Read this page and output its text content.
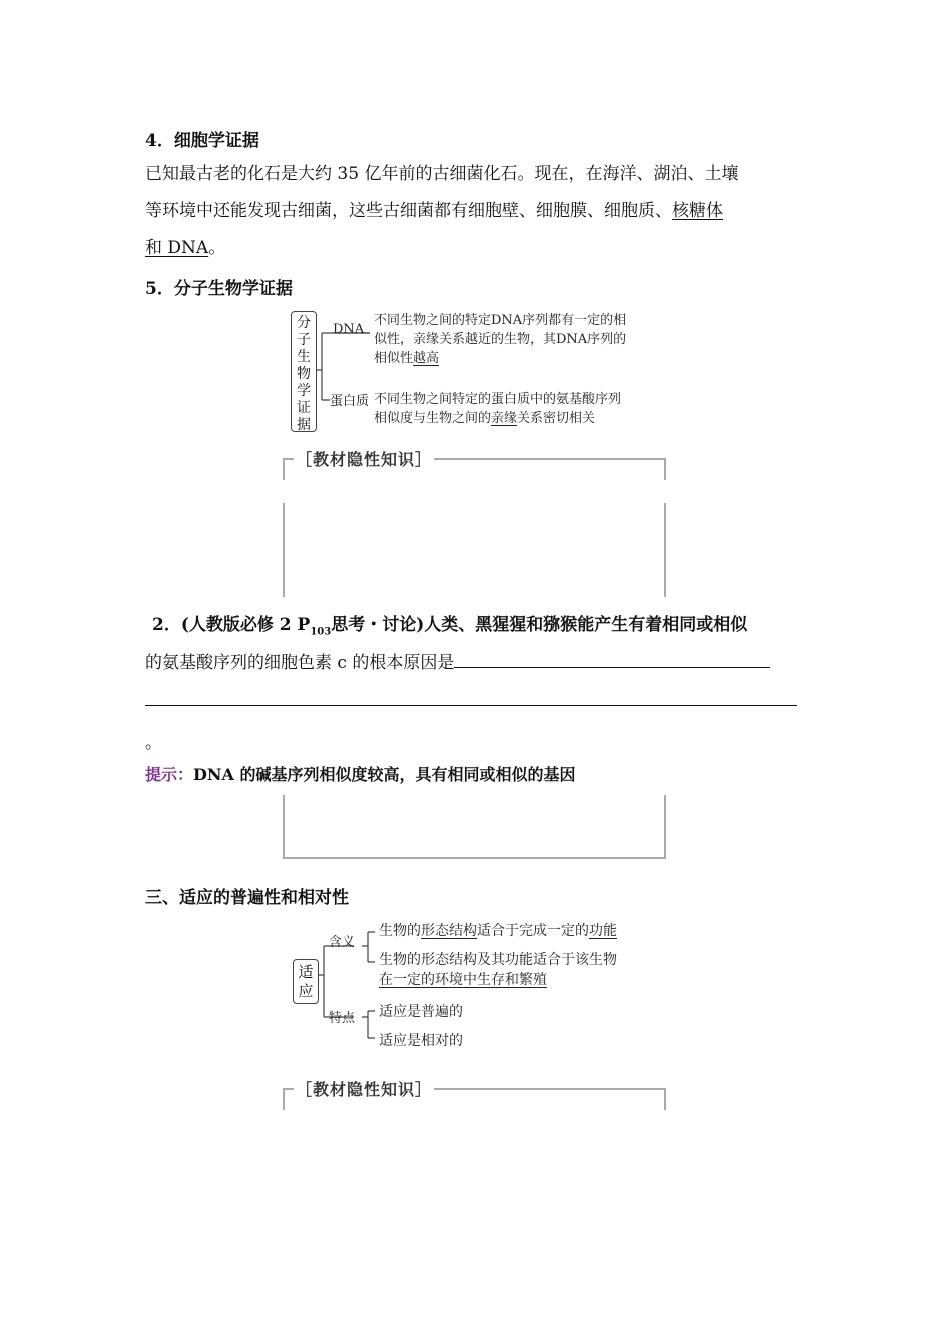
4．细胞学证据
已知最古老的化石是大约 35 亿年前的古细菌化石。现在，在海洋、湖泊、土壤
等环境中还能发现古细菌，这些古细菌都有细胞壁、细胞膜、细胞质、核糖体
和 DNA。
5．分子生物学证据
分
子
生
物
学
证
据
DNA
不同生物之间的特定DNA序列都有一定的相
似性，亲缘关系越近的生物，其DNA序列的
相似性越高
蛋白质 不同生物之间特定的蛋白质中的氨基酸序列
相似度与生物之间的亲缘关系密切相关
［教材隐性知识］
2．(人教版必修 2 $P_{103}$思考・讨论)人类、黑猩猩和猕猴能产生有着相同或相似
的氨基酸序列的细胞色素 c 的根本原因是
。
提示：DNA 的碱基序列相似度较高，具有相同或相似的基因
三、适应的普遍性和相对性
适
应
含义
生物的形态结构适合于完成一定的功能
生物的形态结构及其功能适合于该生物
在一定的环境中生存和繁殖
特点 适应是普遍的
适应是相对的
［教材隐性知识］
